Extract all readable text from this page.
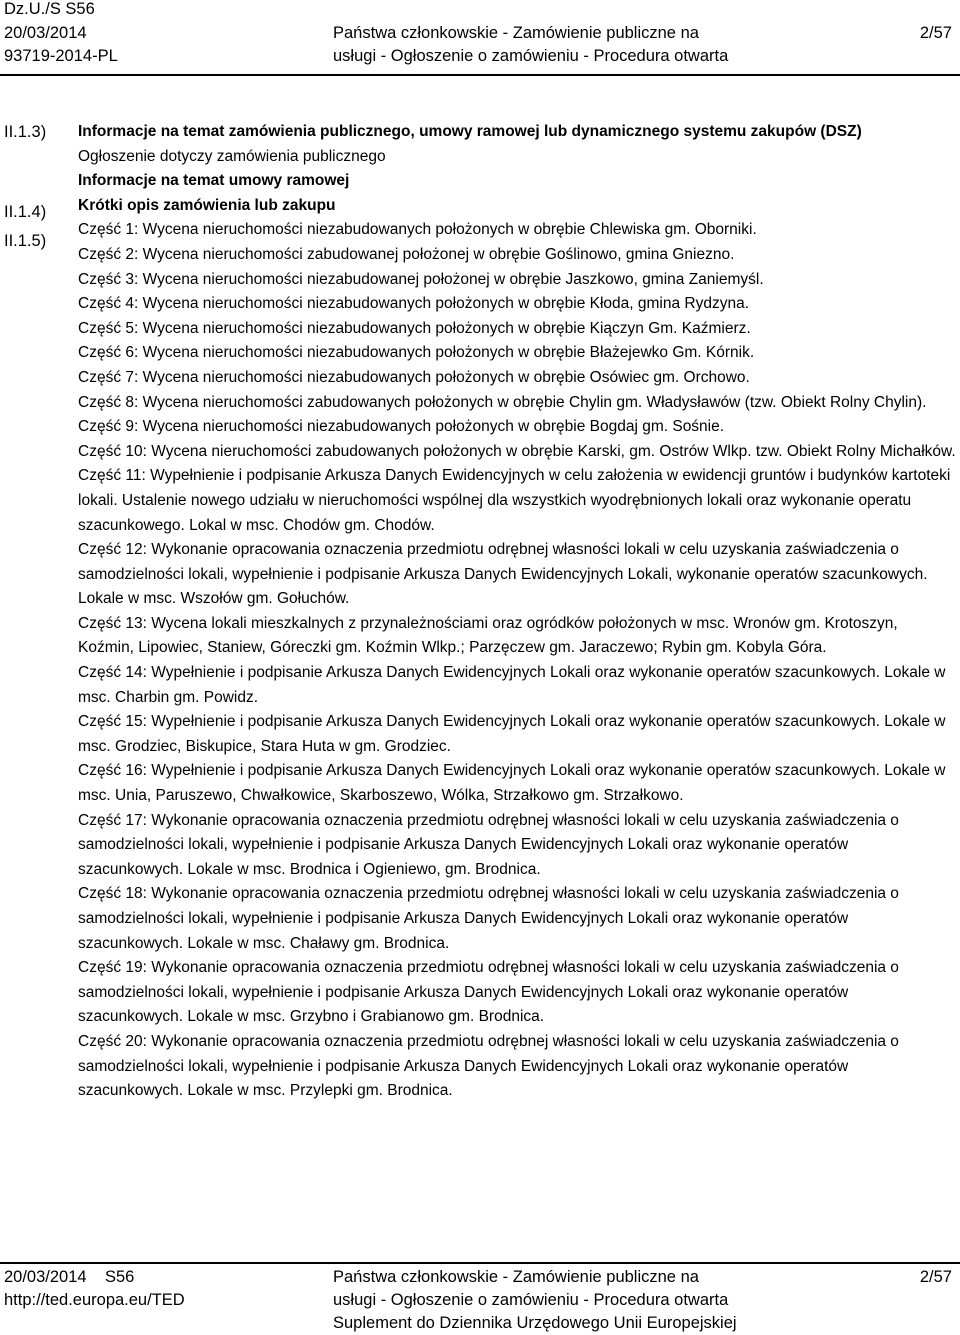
Dz.U./S S56
20/03/2014
93719-2014-PL
Państwa członkowskie - Zamówienie publiczne na
usługi - Ogłoszenie o zamówieniu - Procedura otwarta
2/57
II.1.3)
II.1.4)
II.1.5)
Informacje na temat zamówienia publicznego, umowy ramowej lub dynamicznego systemu zakupów (DSZ)
Ogłoszenie dotyczy zamówienia publicznego
Informacje na temat umowy ramowej
Krótki opis zamówienia lub zakupu
Część 1: Wycena nieruchomości niezabudowanych położonych w obrębie Chlewiska gm. Oborniki.
Część 2: Wycena nieruchomości zabudowanej położonej w obrębie Goślinowo, gmina Gniezno.
Część 3: Wycena nieruchomości niezabudowanej położonej w obrębie Jaszkowo, gmina Zaniemyśl.
Część 4: Wycena nieruchomości niezabudowanych położonych w obrębie Kłoda, gmina Rydzyna.
Część 5: Wycena nieruchomości niezabudowanych położonych w obrębie Kiączyn Gm. Kaźmierz.
Część 6: Wycena nieruchomości niezabudowanych położonych w obrębie Błażejewko Gm. Kórnik.
Część 7: Wycena nieruchomości niezabudowanych położonych w obrębie Osówiec gm. Orchowo.
Część 8: Wycena nieruchomości zabudowanych położonych w obrębie Chylin gm. Władysławów (tzw. Obiekt Rolny Chylin).
Część 9: Wycena nieruchomości niezabudowanych położonych w obrębie Bogdaj gm. Sośnie.
Część 10: Wycena nieruchomości zabudowanych położonych w obrębie Karski, gm. Ostrów Wlkp. tzw. Obiekt Rolny Michałków.
Część 11: Wypełnienie i podpisanie Arkusza Danych Ewidencyjnych w celu założenia w ewidencji gruntów i budynków kartoteki lokali. Ustalenie nowego udziału w nieruchomości wspólnej dla wszystkich wyodrębnionych lokali oraz wykonanie operatu szacunkowego. Lokal w msc. Chodów gm. Chodów.
Część 12: Wykonanie opracowania oznaczenia przedmiotu odrębnej własności lokali w celu uzyskania zaświadczenia o samodzielności lokali, wypełnienie i podpisanie Arkusza Danych Ewidencyjnych Lokali, wykonanie operatów szacunkowych. Lokale w msc. Wszołów gm. Gołuchów.
Część 13: Wycena lokali mieszkalnych z przynależnościami oraz ogródków położonych w msc. Wronów gm. Krotoszyn, Koźmin, Lipowiec, Staniew, Góreczki gm. Koźmin Wlkp.; Parzęczew gm. Jaraczewo; Rybin gm. Kobyla Góra.
Część 14: Wypełnienie i podpisanie Arkusza Danych Ewidencyjnych Lokali oraz wykonanie operatów szacunkowych. Lokale w msc. Charbin gm. Powidz.
Część 15: Wypełnienie i podpisanie Arkusza Danych Ewidencyjnych Lokali oraz wykonanie operatów szacunkowych. Lokale w msc. Grodziec, Biskupice, Stara Huta w gm. Grodziec.
Część 16: Wypełnienie i podpisanie Arkusza Danych Ewidencyjnych Lokali oraz wykonanie operatów szacunkowych. Lokale w msc. Unia, Paruszewo, Chwałkowice, Skarboszewo, Wólka, Strzałkowo gm. Strzałkowo.
Część 17: Wykonanie opracowania oznaczenia przedmiotu odrębnej własności lokali w celu uzyskania zaświadczenia o samodzielności lokali, wypełnienie i podpisanie Arkusza Danych Ewidencyjnych Lokali oraz wykonanie operatów szacunkowych. Lokale w msc. Brodnica i Ogieniewo, gm. Brodnica.
Część 18: Wykonanie opracowania oznaczenia przedmiotu odrębnej własności lokali w celu uzyskania zaświadczenia o samodzielności lokali, wypełnienie i podpisanie Arkusza Danych Ewidencyjnych Lokali oraz wykonanie operatów szacunkowych. Lokale w msc. Chaławy gm. Brodnica.
Część 19: Wykonanie opracowania oznaczenia przedmiotu odrębnej własności lokali w celu uzyskania zaświadczenia o samodzielności lokali, wypełnienie i podpisanie Arkusza Danych Ewidencyjnych Lokali oraz wykonanie operatów szacunkowych. Lokale w msc. Grzybno i Grabianowo gm. Brodnica.
Część 20: Wykonanie opracowania oznaczenia przedmiotu odrębnej własności lokali w celu uzyskania zaświadczenia o samodzielności lokali, wypełnienie i podpisanie Arkusza Danych Ewidencyjnych Lokali oraz wykonanie operatów szacunkowych. Lokale w msc. Przylepki gm. Brodnica.
20/03/2014 S56
http://ted.europa.eu/TED
Państwa członkowskie - Zamówienie publiczne na
usługi - Ogłoszenie o zamówieniu - Procedura otwarta
Suplement do Dziennika Urzędowego Unii Europejskiej
2/57
